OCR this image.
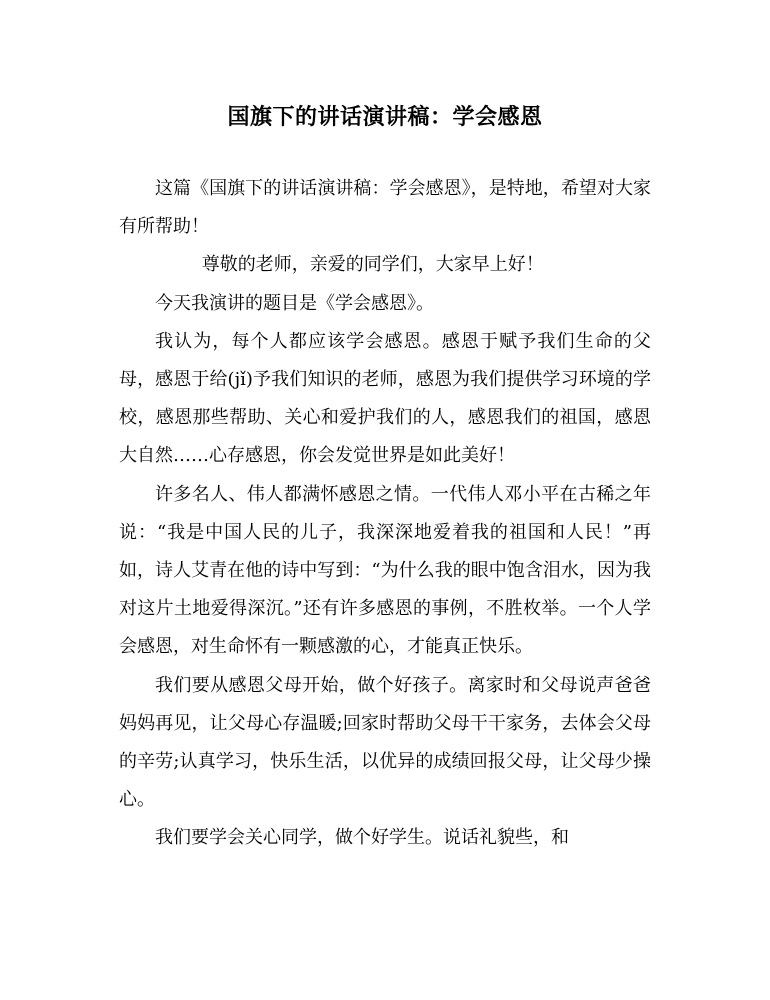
国旗下的讲话演讲稿：学会感恩

这篇《国旗下的讲话演讲稿：学会感恩》，是特地，希望对大家有所帮助！

尊敬的老师，亲爱的同学们，大家早上好！

今天我演讲的题目是《学会感恩》。

我认为，每个人都应该学会感恩。感恩于赋予我们生命的父母，感恩于给(jǐ)予我们知识的老师，感恩为我们提供学习环境的学校，感恩那些帮助、关心和爱护我们的人，感恩我们的祖国，感恩大自然……心存感恩，你会发觉世界是如此美好！

许多名人、伟人都满怀感恩之情。一代伟人邓小平在古稀之年说：“我是中国人民的儿子，我深深地爱着我的祖国和人民！”再如，诗人艾青在他的诗中写到：“为什么我的眼中饱含泪水，因为我对这片土地爱得深沉。”还有许多感恩的事例，不胜枚举。一个人学会感恩，对生命怀有一颗感激的心，才能真正快乐。

我们要从感恩父母开始，做个好孩子。离家时和父母说声爸爸妈妈再见，让父母心存温暖;回家时帮助父母干干家务，去体会父母的辛劳;认真学习，快乐生活，以优异的成绩回报父母，让父母少操心。

我们要学会关心同学，做个好学生。说话礼貌些，和
